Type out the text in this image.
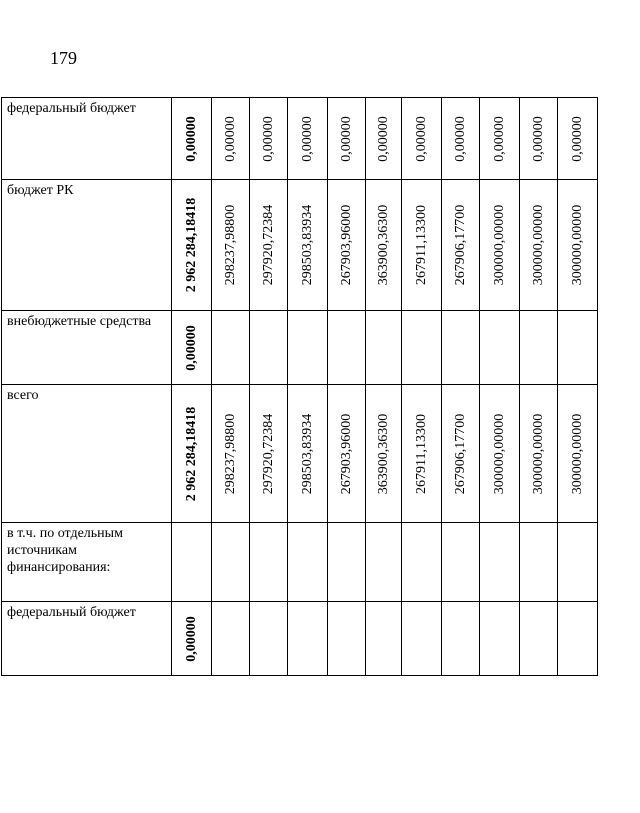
179
федеральный бюджет	0,00000	0,00000	0,00000	0,00000	0,00000	0,00000	0,00000	0,00000	0,00000	0,00000	0,00000

бюджет РК	2 962 284,18418	298237,98800	297920,72384	298503,83934	267903,96000	363900,36300	267911,13300	267906,17700	300000,00000	300000,00000	300000,00000

внебюджетные средства	0,00000										

всего	2 962 284,18418	298237,98800	297920,72384	298503,83934	267903,96000	363900,36300	267911,13300	267906,17700	300000,00000	300000,00000	300000,00000

в т.ч. по отдельным источникам финансирования:	

федеральный бюджет	0,00000										
